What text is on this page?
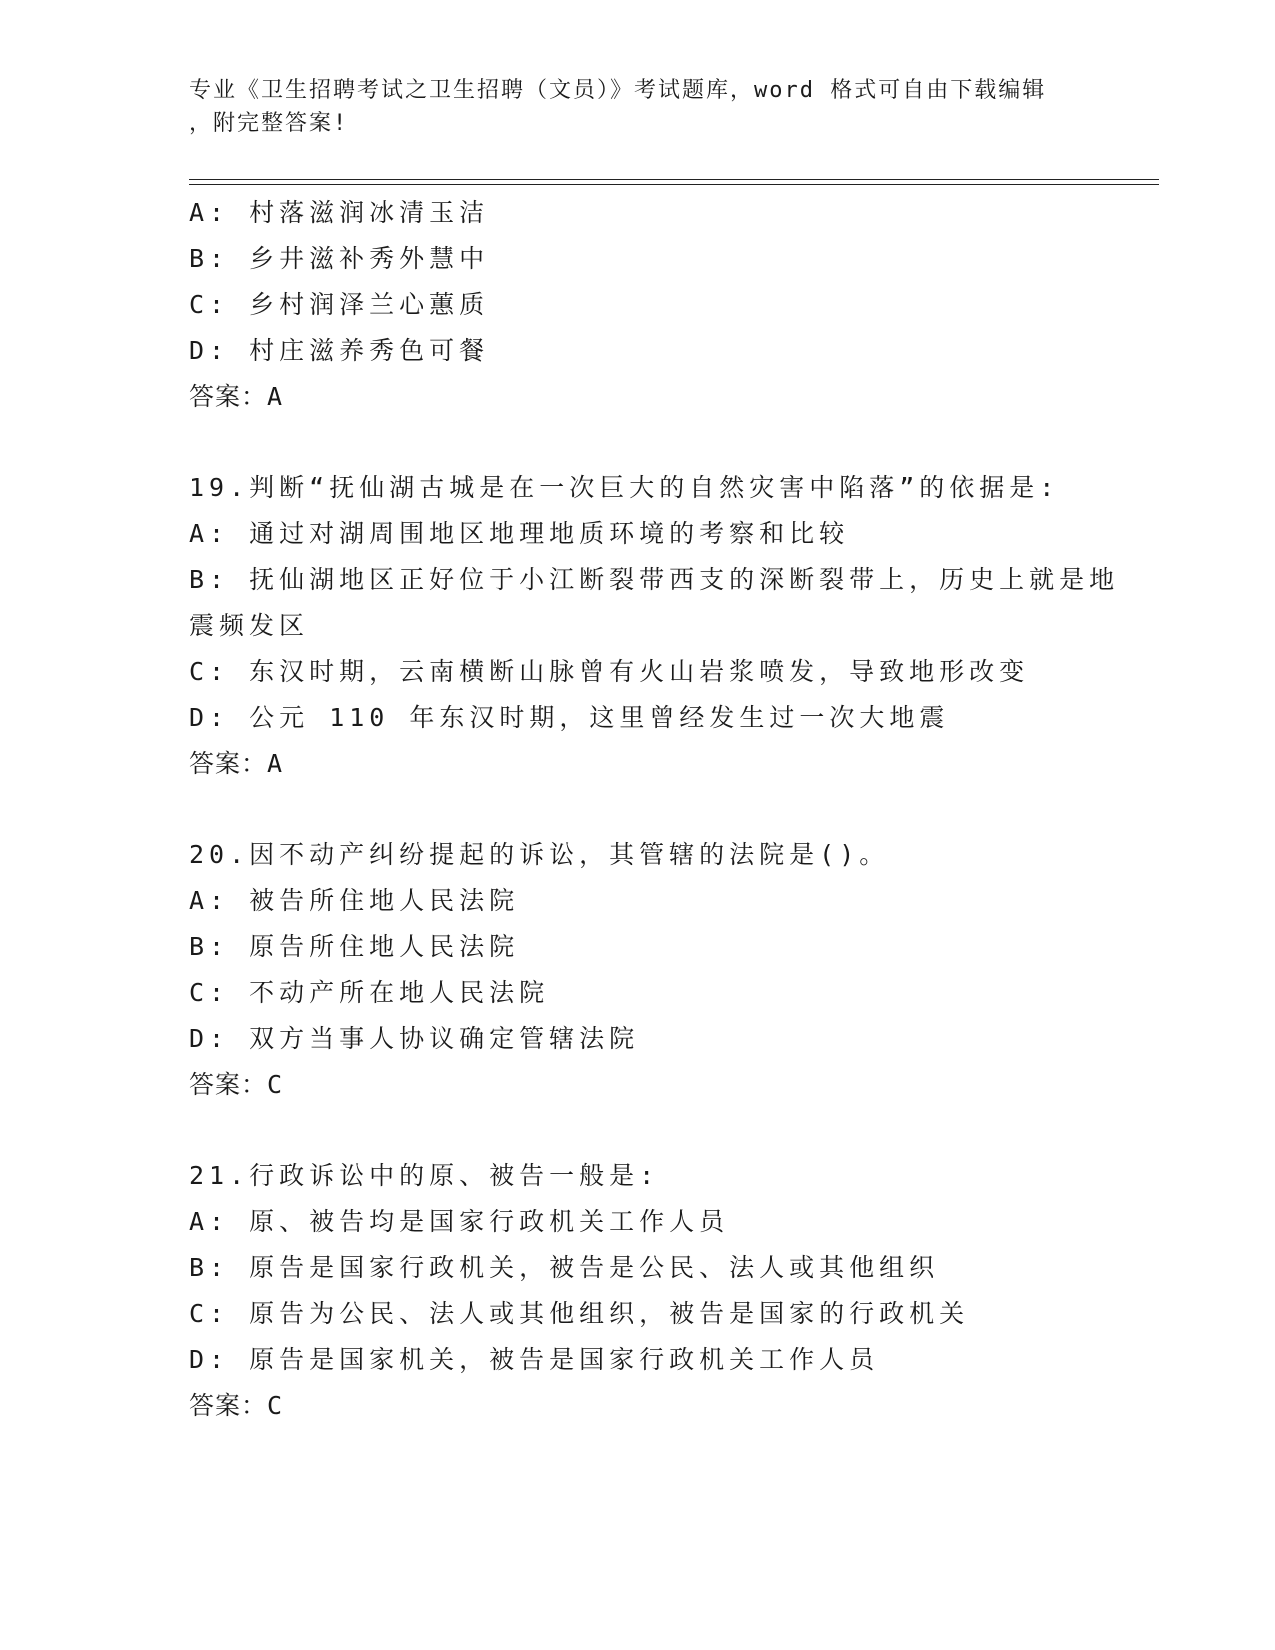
专业《卫生招聘考试之卫生招聘（文员）》考试题库，word 格式可自由下载编辑
，附完整答案!
A: 村落滋润冰清玉洁
B: 乡井滋补秀外慧中
C: 乡村润泽兰心蕙质
D: 村庄滋养秀色可餐
答案：A
19.判断“抚仙湖古城是在一次巨大的自然灾害中陷落”的依据是:
A: 通过对湖周围地区地理地质环境的考察和比较
B: 抚仙湖地区正好位于小江断裂带西支的深断裂带上，历史上就是地
震频发区
C: 东汉时期，云南横断山脉曾有火山岩浆喷发，导致地形改变
D: 公元 110 年东汉时期，这里曾经发生过一次大地震
答案：A
20.因不动产纠纷提起的诉讼，其管辖的法院是()。
A: 被告所住地人民法院
B: 原告所住地人民法院
C: 不动产所在地人民法院
D: 双方当事人协议确定管辖法院
答案：C
21.行政诉讼中的原、被告一般是:
A: 原、被告均是国家行政机关工作人员
B: 原告是国家行政机关，被告是公民、法人或其他组织
C: 原告为公民、法人或其他组织，被告是国家的行政机关
D: 原告是国家机关，被告是国家行政机关工作人员
答案：C
